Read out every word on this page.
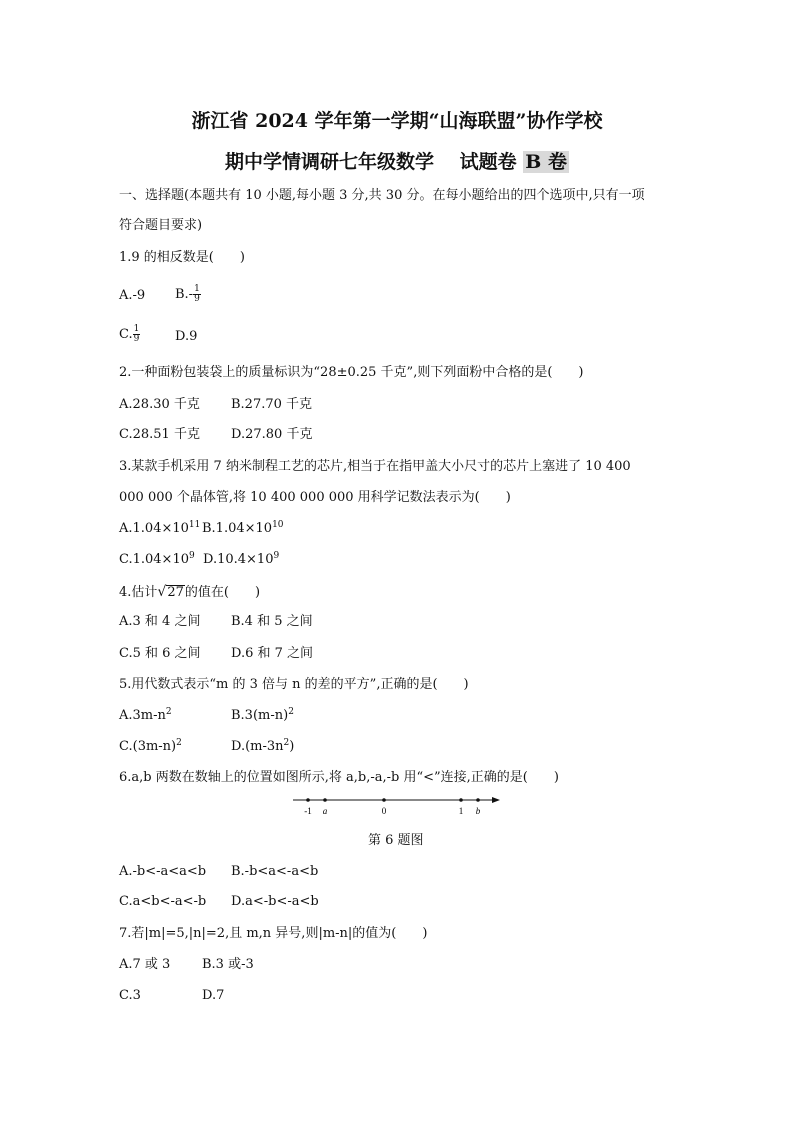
浙江省 2024 学年第一学期“山海联盟”协作学校
期中学情调研七年级数学　 试题卷 B 卷
一、选择题(本题共有 10 小题,每小题 3 分,共 30 分。在每小题给出的四个选项中,只有一项
符合题目要求)
1.9 的相反数是(　　)
A.-9 $B.- \frac{1}{9}$
C. $\frac{1}{9}$	D.9
2.一种面粉包装袋上的质量标识为“28±0.25 千克”,则下列面粉中合格的是(　　)
A.28.30 千克 B.27.70 千克
C.28.51 千克 D.27.80 千克
3.某款手机采用 7 纳米制程工艺的芯片,相当于在指甲盖大小尺寸的芯片上塞进了 10 400
000 000 个晶体管,将 10 400 000 000 用科学记数法表示为(　　)
$A.1.04\times 10^{11}$ $B.1.04\times 10^{10}$
$C.1.04\times 10^9$ $D.10.4\times 10^9$
4.估计√27的值在(　　)
A.3 和 4 之间 B.4 和 5 之间
C.5 和 6 之间 D.6 和 7 之间
5.用代数式表示“m 的 3 倍与 n 的差的平方”,正确的是(　　)
$A.3m-n^2$	$B.3(m-n)^2$
$C.(3m-n)^2$	$D.(m-3n^2)$
6.a,b 两数在数轴上的位置如图所示,将 a,b,-a,-b 用“<”连接,正确的是(　　)
-1 a	0	1 b
第 6 题图
A.-b<-a<a<b B.-b<a<-a<b
C.a<b<-a<-b D.a<-b<-a<b
7.若|m|=5,|n|=2,且 m,n 异号,则|m-n|的值为(　　)
A.7 或 3 B.3 或-3
C.3	D.7
